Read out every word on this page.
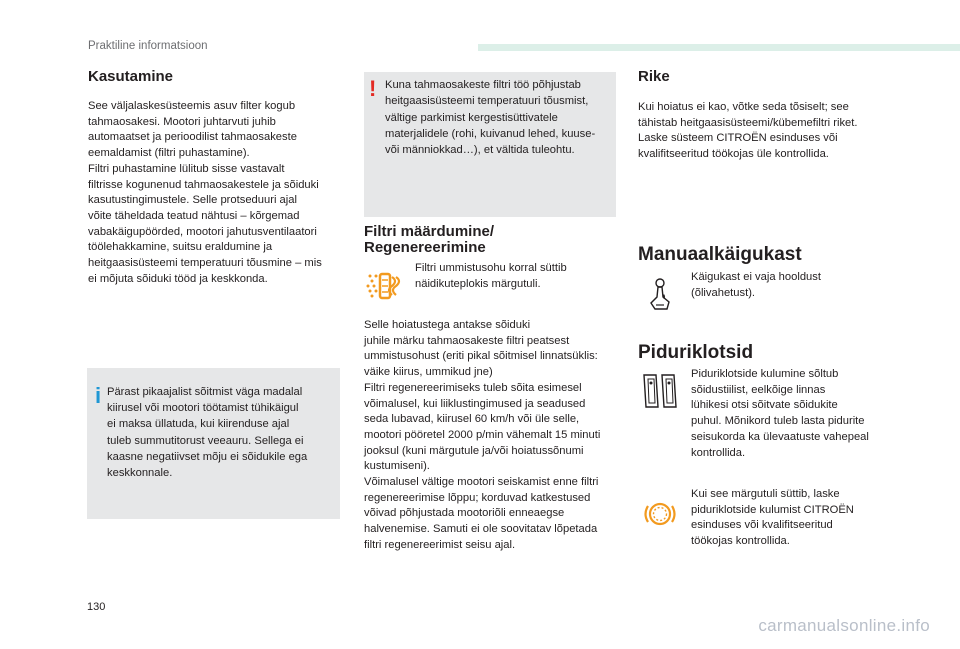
Praktiline informatsioon
Kasutamine

See väljalaskesüsteemis asuv filter kogub
tahmaosakesi. Mootori juhtarvuti juhib
automaatset ja perioodilist tahmaosakeste
eemaldamist (filtri puhastamine).
Filtri puhastamine lülitub sisse vastavalt
filtrisse kogunenud tahmaosakestele ja sõiduki
kasutustingimustele. Selle protseduuri ajal
võite täheldada teatud nähtusi – kõrgemad
vabakäigupöörded, mootori jahutusventilaatori
töölehakkamine, suitsu eraldumine ja
heitgaasisüsteemi temperatuuri tõusmine – mis
ei mõjuta sõiduki tööd ja keskkonda.

i Pärast pikaajalist sõitmist väga madalal
kiirusel või mootori töötamist tühikäigul
ei maksa üllatuda, kui kiirenduse ajal
tuleb summutitorust veeauru. Sellega ei
kaasne negatiivset mõju ei sõidukile ega
keskkonnale.

! Kuna tahmaosakeste filtri töö põhjustab
heitgaasisüsteemi temperatuuri tõusmist,
vältige parkimist kergestisüttivatele
materjalidele (rohi, kuivanud lehed, kuuse-
või männiokkad…), et vältida tuleohtu.

Filtri määrdumine/
Regenereerimine

Filtri ummistusohu korral süttib
näidikuteplokis märgutuli.

Selle hoiatustega antakse sõiduki
juhile märku tahmaosakeste filtri peatsest
ummistusohust (eriti pikal sõitmisel linnatsüklis:
väike kiirus, ummikud jne)
Filtri regenereerimiseks tuleb sõita esimesel
võimalusel, kui liiklustingimused ja seadused
seda lubavad, kiirusel 60 km/h või üle selle,
mootori pööretel 2000 p/min vähemalt 15 minuti
jooksul (kuni märgutule ja/või hoiatussõnumi
kustumiseni).
Võimalusel vältige mootori seiskamist enne filtri
regenereerimise lõppu; korduvad katkestused
võivad põhjustada mootoriõli enneaegse
halvenemise. Samuti ei ole soovitatav lõpetada
filtri regenereerimist seisu ajal.

Rike

Kui hoiatus ei kao, võtke seda tõsiselt; see
tähistab heitgaasisüsteemi/kübemefiltri riket.
Laske süsteem CITROËN esinduses või
kvalifitseeritud töökojas üle kontrollida.

Manuaalkäigukast

Käigukast ei vaja hooldust
(õlivahetust).

Piduriklotsid

Piduriklotside kulumine sõltub
sõidustiilist, eelkõige linnas
lühikesi otsi sõitvate sõidukite
puhul. Mõnikord tuleb lasta pidurite
seisukorda ka ülevaatuste vahepeal
kontrollida.

Kui see märgutuli süttib, laske
piduriklotside kulumist CITROËN
esinduses või kvalifitseeritud
töökojas kontrollida.

130
carmanualsonline.info
